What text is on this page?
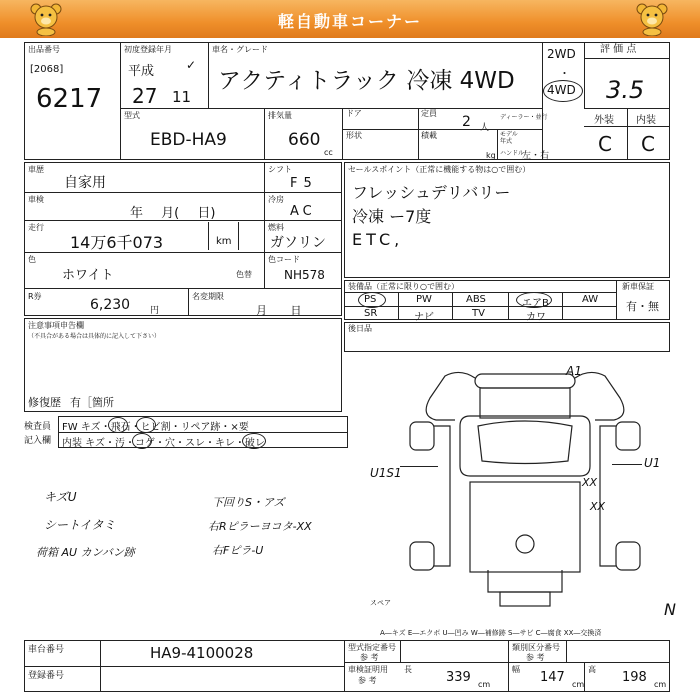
軽自動車コーナー
出品番号
[2068]
6217
初度登録年月
平成	✓
27 11
車名・グレード
アクティトラック 冷凍 4WD
2WD
・
4WD
評 価 点
3.5
外装 内装
C C
型式
EBD-HA9
排気量
660
cc
ドア	定員
2 人
ディーラー・並行
形状	積載
kg
モデル年式
ハンドル
左・右
車歴
自家用
車検
年 月( 日)
走行
14万6千073	km
色
ホワイト	色替
シフト
F5
冷房
AC
燃料
ガソリン
色コード
NH578
R券
6,230 円
名変期限
月 日
セールスポイント（正常に機能する物は○で囲む）
フレッシュデリバリー
冷凍 ー7度
ETC,
装備品（正常に限り○で囲む）	新車保証
有・無
PS	PW	ABS	エアB	AW
SR	ナビ	TV	カワ
注意事項申告欄
（不具合がある場合は具体的に記入して下さい）
修復歴 有［箇所
後日品
検査員
記入欄
FW キズ・飛石・ヒビ割・リペア跡・×要
内装 キズ・汚・コゲ・穴・スレ・キレ・破レ
キズU
シートイタミ
荷箱 AU カンバン跡
下回りS・アズ
右Rピラーヨコタ-XX
右Fピラ-U
A1
U1S1
U1
XX
XX
スペア	N
A―キズ E―エクボ U―凹み W―補修跡 S―サビ C―腐食 XX―交換済
車台番号	HA9-4100028
登録番号
型式指定番号
参 考
類別区分番号
参 考
車検証明用
参 考
長
339 cm
幅
147 cm
高
198 cm
